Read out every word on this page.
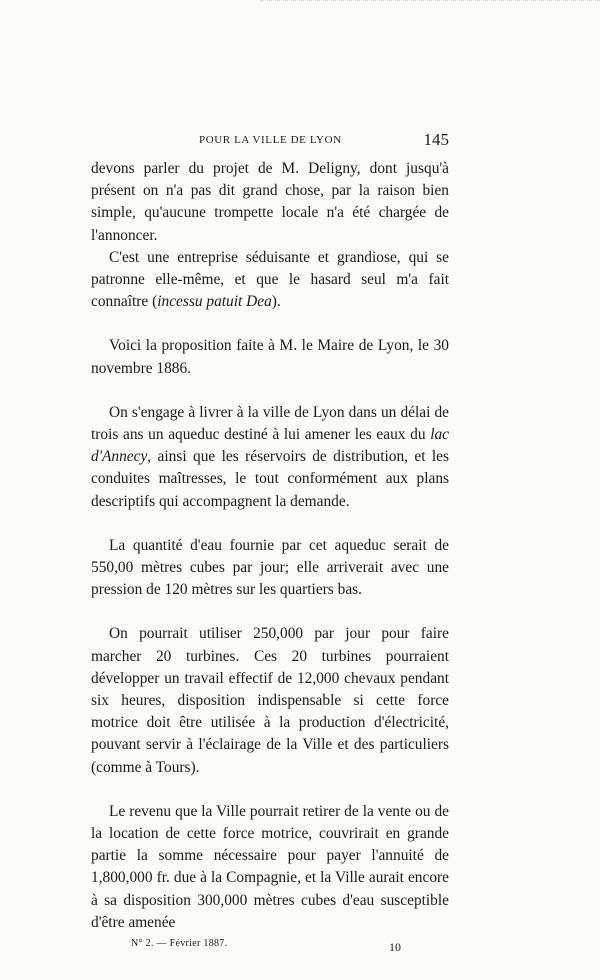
POUR LA VILLE DE LYON	145

devons parler du projet de M. Deligny, dont jusqu'à présent on n'a pas dit grand chose, par la raison bien simple, qu'aucune trompette locale n'a été chargée de l'annoncer.

C'est une entreprise séduisante et grandiose, qui se patronne elle-même, et que le hasard seul m'a fait connaître (incessu patuit Dea).

Voici la proposition faite à M. le Maire de Lyon, le 30 novembre 1886.

On s'engage à livrer à la ville de Lyon dans un délai de trois ans un aqueduc destiné à lui amener les eaux du lac d'Annecy, ainsi que les réservoirs de distribution, et les conduites maîtresses, le tout conformément aux plans descriptifs qui accompagnent la demande.

La quantité d'eau fournie par cet aqueduc serait de 550,00 mètres cubes par jour; elle arriverait avec une pression de 120 mètres sur les quartiers bas.

On pourrait utiliser 250,000 par jour pour faire marcher 20 turbines. Ces 20 turbines pourraient développer un travail effectif de 12,000 chevaux pendant six heures, disposition indispensable si cette force motrice doit être utilisée à la production d'électricité, pouvant servir à l'éclairage de la Ville et des particuliers (comme à Tours).

Le revenu que la Ville pourrait retirer de la vente ou de la location de cette force motrice, couvrirait en grande partie la somme nécessaire pour payer l'annuité de 1,800,000 fr. due à la Compagnie, et la Ville aurait encore à sa disposition 300,000 mètres cubes d'eau susceptible d'être amenée

N° 2. — Février 1887.	10
